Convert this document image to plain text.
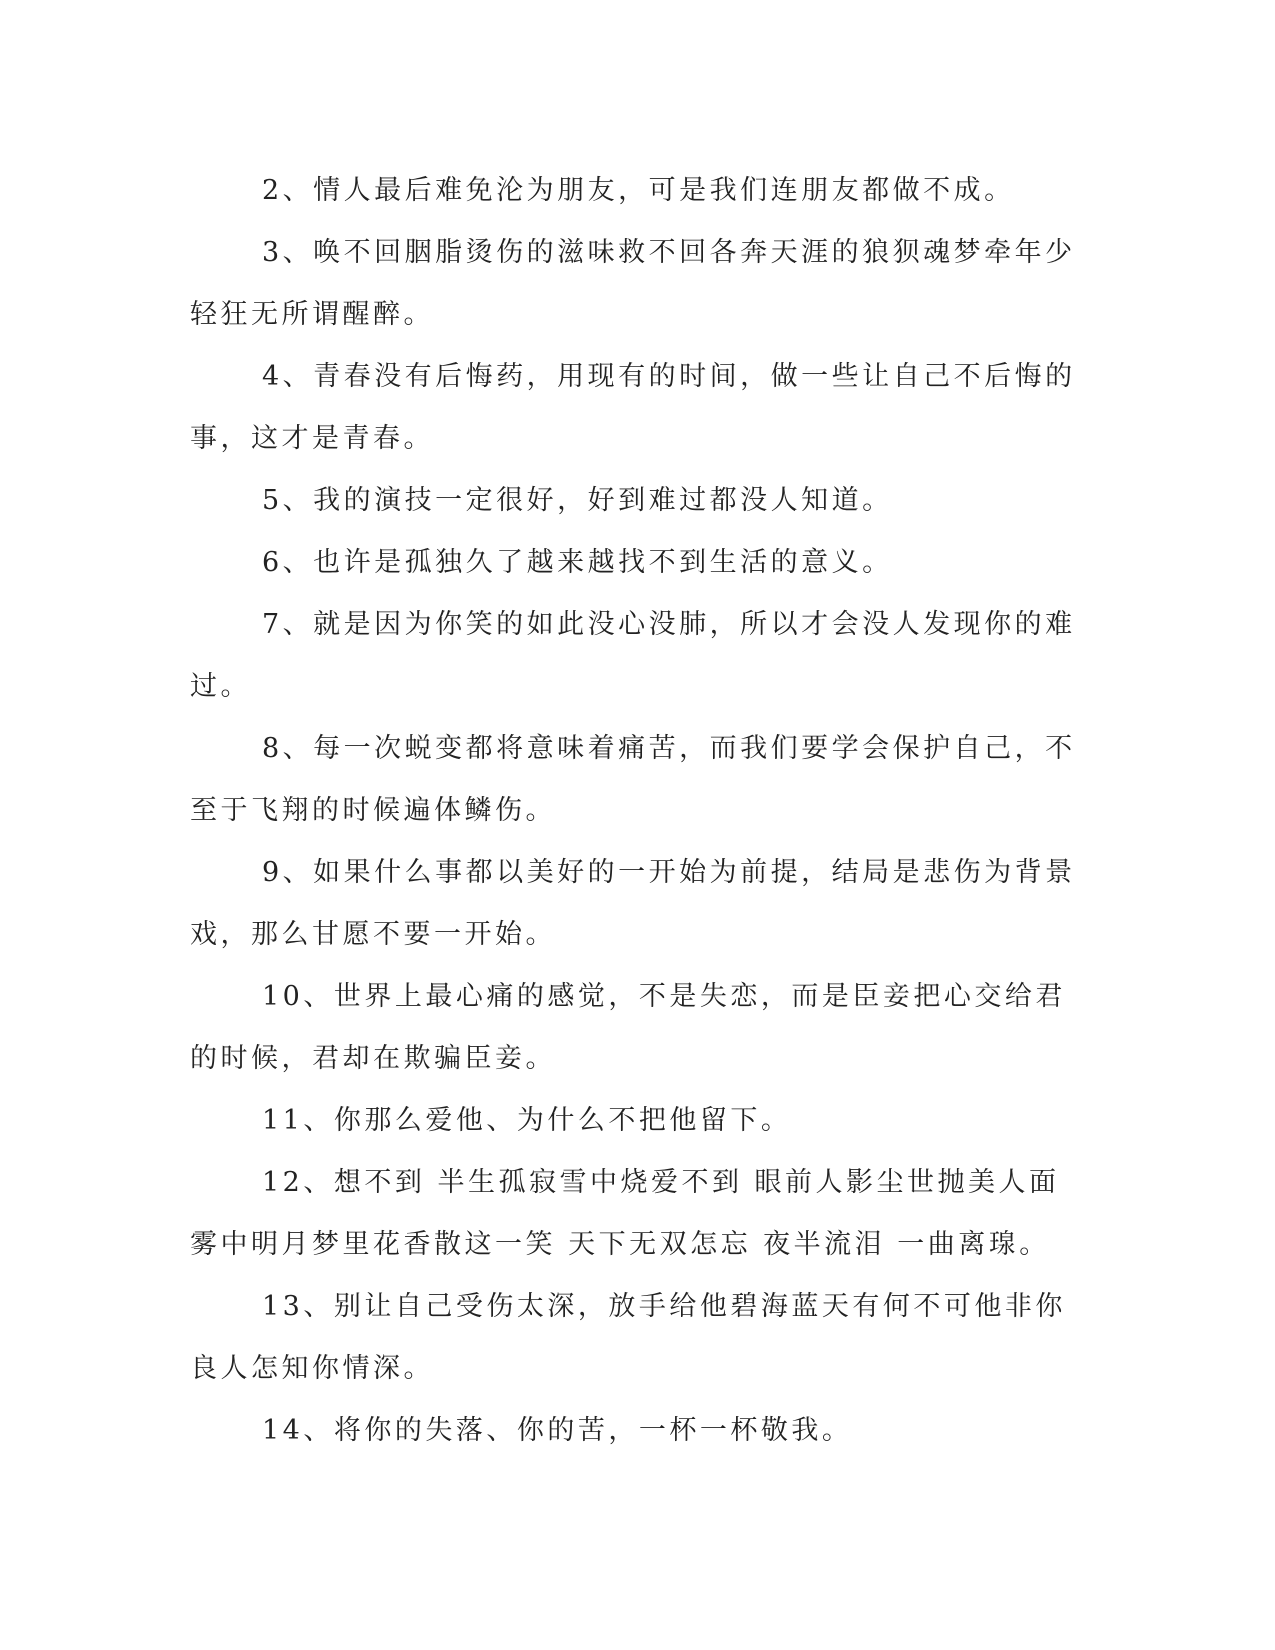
2、情人最后难免沦为朋友，可是我们连朋友都做不成。

3、唤不回胭脂烫伤的滋味救不回各奔天涯的狼狈魂梦牵年少轻狂无所谓醒醉。

4、青春没有后悔药，用现有的时间，做一些让自己不后悔的事，这才是青春。

5、我的演技一定很好，好到难过都没人知道。

6、也许是孤独久了越来越找不到生活的意义。

7、就是因为你笑的如此没心没肺，所以才会没人发现你的难过。

8、每一次蜕变都将意味着痛苦，而我们要学会保护自己，不至于飞翔的时候遍体鳞伤。

9、如果什么事都以美好的一开始为前提，结局是悲伤为背景戏，那么甘愿不要一开始。

10、世界上最心痛的感觉，不是失恋，而是臣妾把心交给君的时候，君却在欺骗臣妾。

11、你那么爱他、为什么不把他留下。

12、想不到 半生孤寂雪中烧爱不到 眼前人影尘世抛美人面 雾中明月梦里花香散这一笑 天下无双怎忘 夜半流泪 一曲离瑔。

13、别让自己受伤太深，放手给他碧海蓝天有何不可他非你良人怎知你情深。

14、将你的失落、你的苦，一杯一杯敬我。
